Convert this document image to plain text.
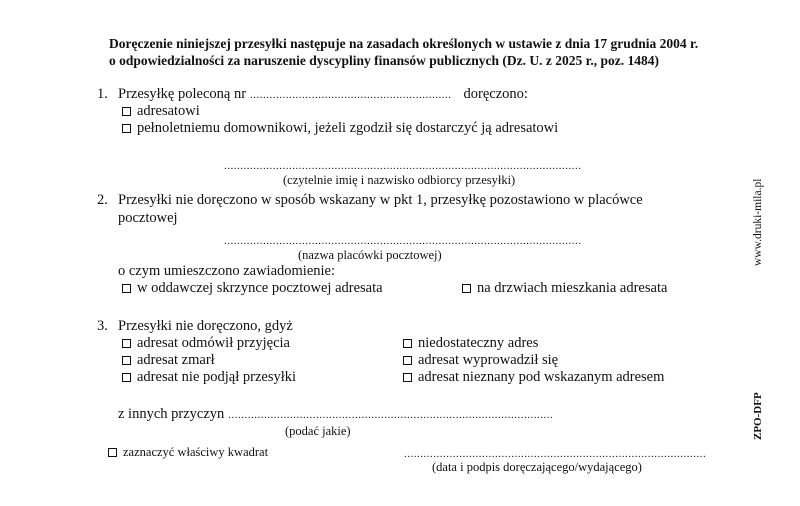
Doręczenie niniejszej przesyłki następuje na zasadach określonych w ustawie z dnia 17 grudnia 2004 r.
o odpowiedzialności za naruszenie dyscypliny finansów publicznych (Dz. U. z 2025 r., poz. 1484)
1. Przesyłkę poleconą nr .............................................................. doręczono:
adresatowi
pełnoletniemu domownikowi, jeżeli zgodził się dostarczyć ją adresatowi
..............................................................................................................
(czytelnie imię i nazwisko odbiorcy przesyłki)
2. Przesyłki nie doręczono w sposób wskazany w pkt 1, przesyłkę pozostawiono w placówce
pocztowej
..............................................................................................................
(nazwa placówki pocztowej)
o czym umieszczono zawiadomienie:
w oddawczej skrzynce pocztowej adresata	na drzwiach mieszkania adresata
3. Przesyłki nie doręczono, gdyż
adresat odmówił przyjęcia
adresat zmarł
adresat nie podjął przesyłki
niedostateczny adres
adresat wyprowadził się
adresat nieznany pod wskazanym adresem
z innych przyczyn ....................................................................................................
(podać jakie)
zaznaczyć właściwy kwadrat	.............................................................................................
(data i podpis doręczającego/wydającego)
www.druki-mila.pl
ZPO-DFP
